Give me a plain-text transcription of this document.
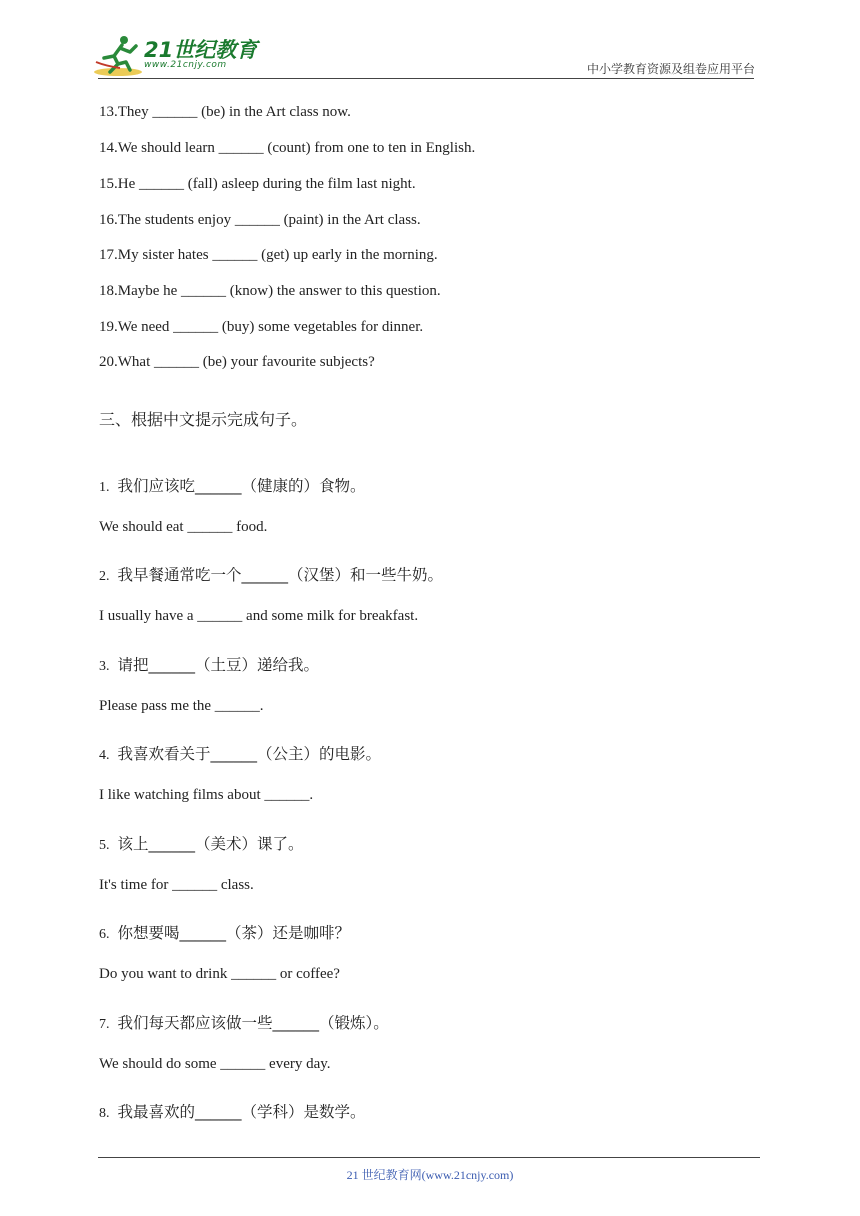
21世纪教育
www.21cnjy.com	中小学教育资源及组卷应用平台
13.They ______ (be) in the Art class now.
14.We should learn ______ (count) from one to ten in English.
15.He ______ (fall) asleep during the film last night.
16.The students enjoy ______ (paint) in the Art class.
17.My sister hates ______ (get) up early in the morning.
18.Maybe he ______ (know) the answer to this question.
19.We need ______ (buy) some vegetables for dinner.
20.What ______ (be) your favourite subjects?
三、根据中文提示完成句子。
1. 我们应该吃______（健康的）食物。
We should eat ______ food.
2. 我早餐通常吃一个______（汉堡）和一些牛奶。
I usually have a ______ and some milk for breakfast.
3. 请把______（土豆）递给我。
Please pass me the ______.
4. 我喜欢看关于______（公主）的电影。
I like watching films about ______.
5. 该上______（美术）课了。
It's time for ______ class.
6. 你想要喝______（茶）还是咖啡？
Do you want to drink ______ or coffee?
7. 我们每天都应该做一些______（锻炼）。
We should do some ______ every day.
8. 我最喜欢的______（学科）是数学。
21 世纪教育网(www.21cnjy.com)
